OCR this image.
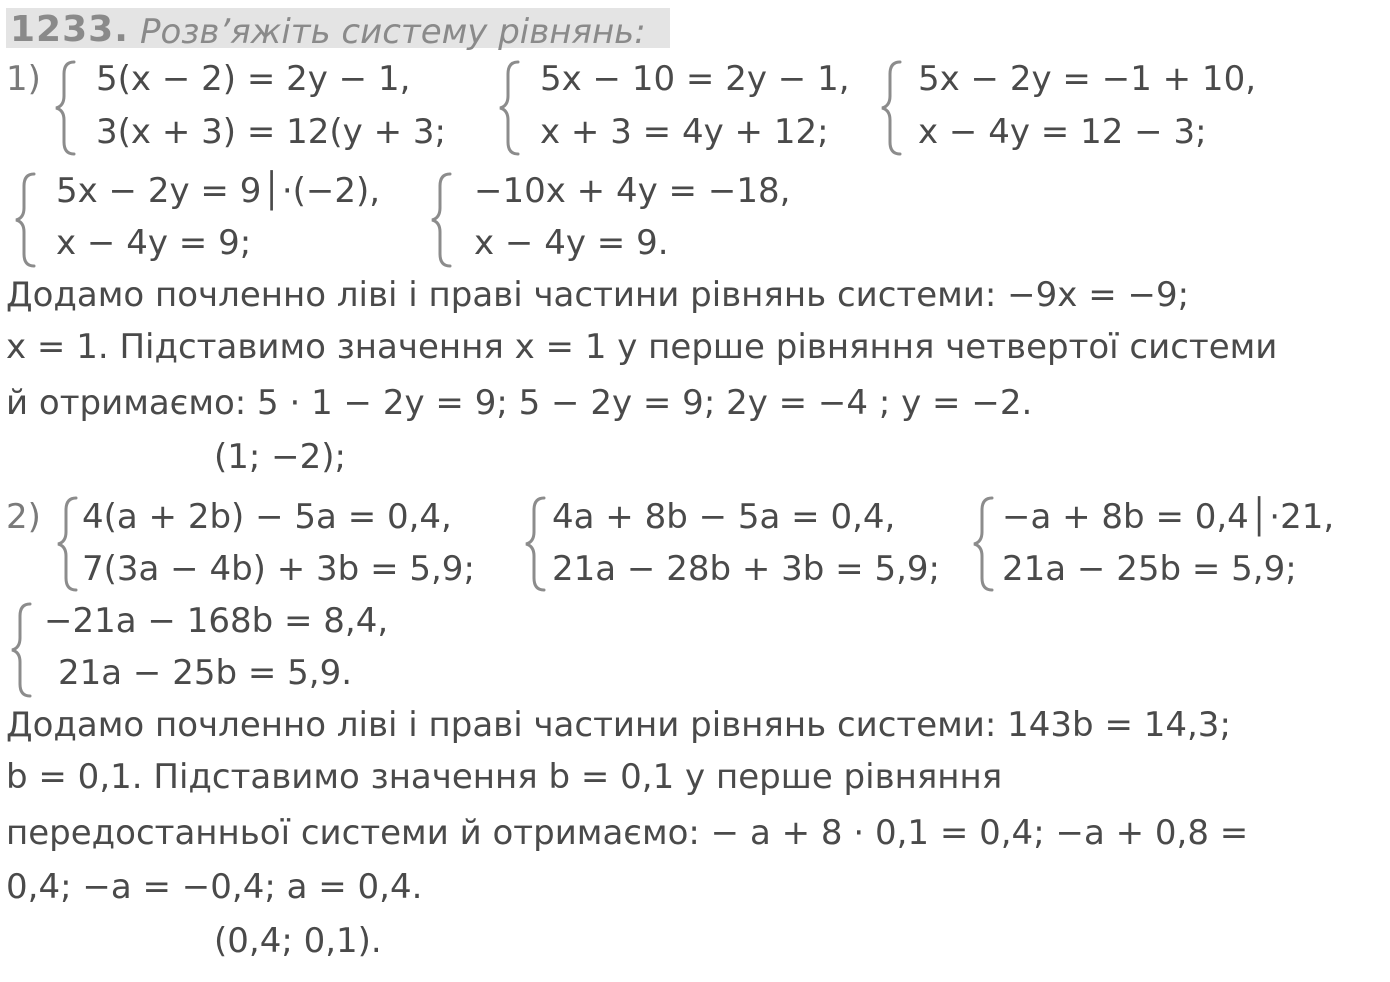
1233. Розв’яжіть систему рівнянь:
1) 5(x − 2) = 2y − 1,
3(x + 3) = 12(y + 3;
5x − 10 = 2y − 1,
x + 3 = 4y + 12;
5x − 2y = −1 + 10,
x − 4y = 12 − 3;
5x − 2y = 9│·(−2),
x − 4y = 9;
−10x + 4y = −18,
x − 4y = 9.
Додамо почленно ліві і праві частини рівнянь системи: −9x = −9;
x = 1. Підставимо значення x = 1 у перше рівняння четвертої системи
й отримаємо: 5 · 1 − 2y = 9; 5 − 2y = 9; 2y = −4 ; y = −2.
(1; −2);
2) 4(a + 2b) − 5a = 0,4,
7(3a − 4b) + 3b = 5,9;
4a + 8b − 5a = 0,4,
21a − 28b + 3b = 5,9;
−a + 8b = 0,4│·21,
21a − 25b = 5,9;
−21a − 168b = 8,4,
21a − 25b = 5,9.
Додамо почленно ліві і праві частини рівнянь системи: 143b = 14,3;
b = 0,1. Підставимо значення b = 0,1 у перше рівняння
передостанньої системи й отримаємо: − a + 8 · 0,1 = 0,4; −a + 0,8 =
0,4; −a = −0,4; a = 0,4.
(0,4; 0,1).
